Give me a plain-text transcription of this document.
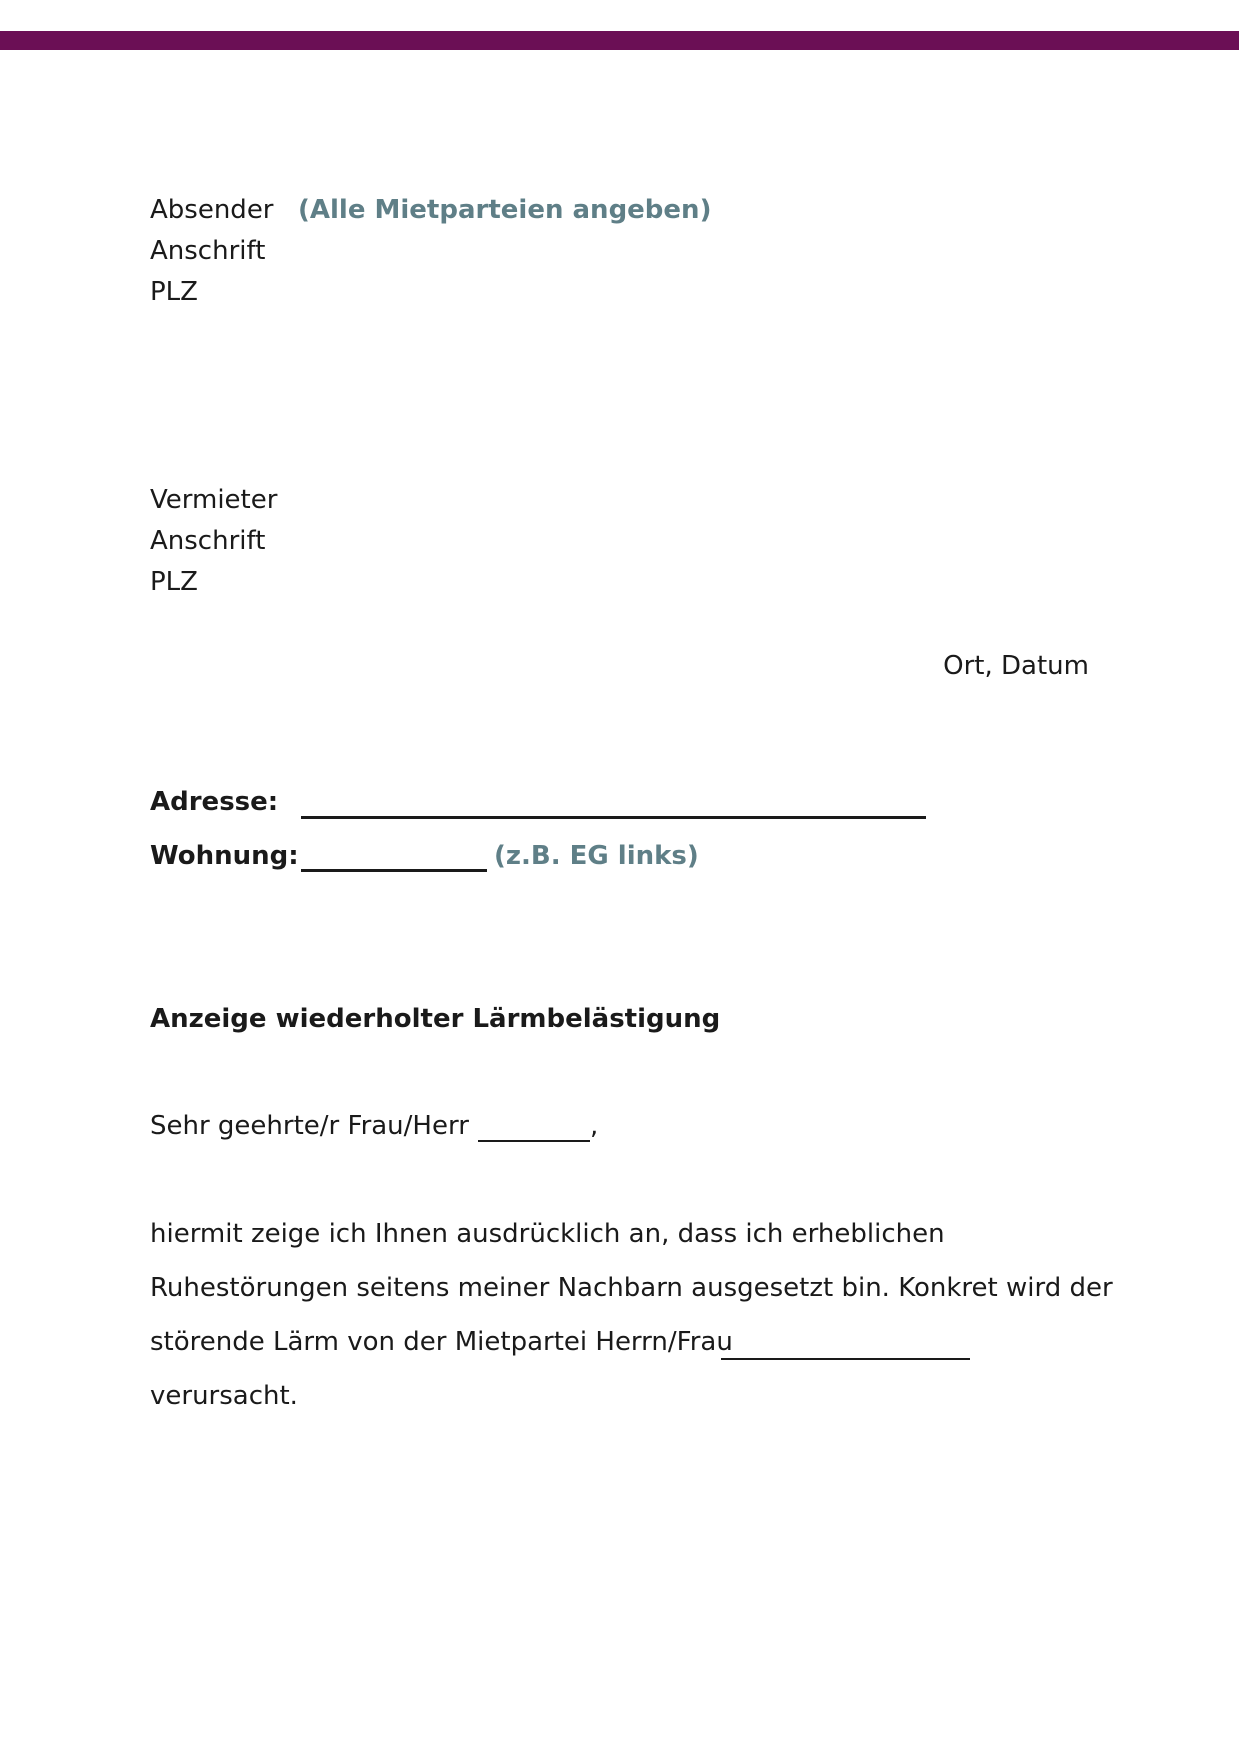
Absender (Alle Mietparteien angeben)
Anschrift
PLZ
Vermieter
Anschrift
PLZ
Ort, Datum
Adresse:
Wohnung:	(z.B. EG links)
Anzeige wiederholter Lärmbelästigung
Sehr geehrte/r Frau/Herr	,
hiermit zeige ich Ihnen ausdrücklich an, dass ich erheblichen
Ruhestörungen seitens meiner Nachbarn ausgesetzt bin. Konkret wird der
störende Lärm von der Mietpartei Herrn/Frau
verursacht.
